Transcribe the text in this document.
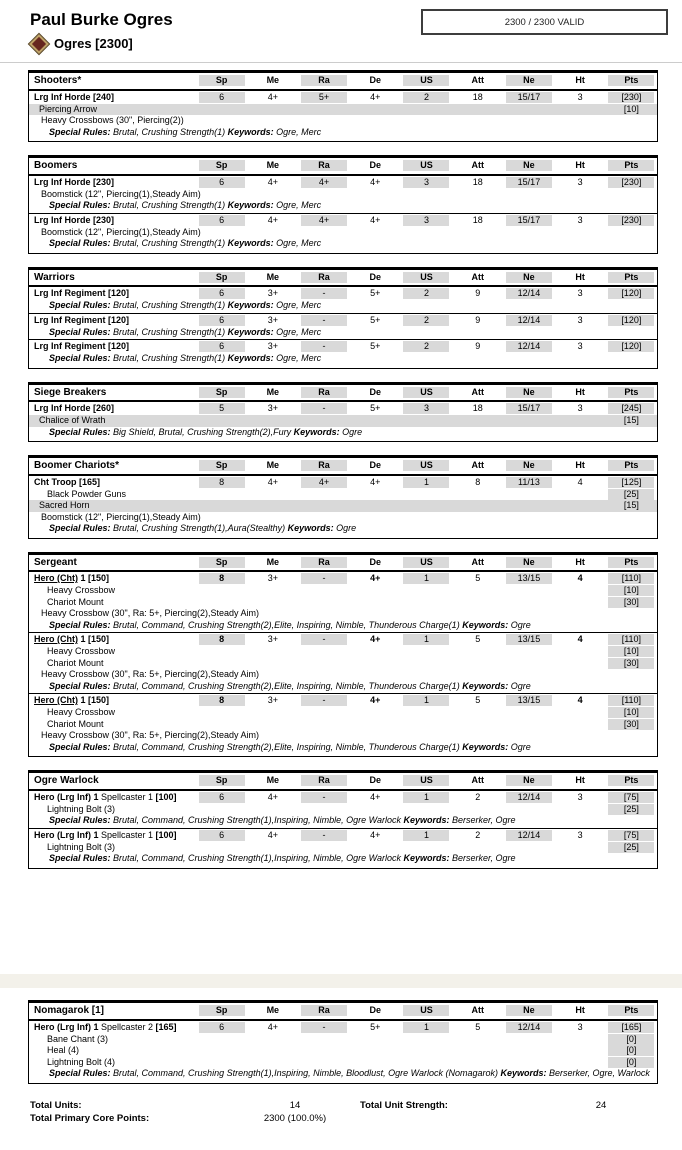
Paul Burke Ogres	2300 / 2300 VALID
Ogres [2300]
Shooters*	Sp	Me	Ra	De	US	Att	Ne	Ht	Pts
Lrg Inf Horde [240]	6	4+	5+	4+	2	18	15/17	3	[230]
Piercing Arrow	[10]
Heavy Crossbows (30", Piercing(2))
Special Rules: Brutal, Crushing Strength(1) Keywords: Ogre, Merc
Boomers	Sp	Me	Ra	De	US	Att	Ne	Ht	Pts
Lrg Inf Horde [230]	6	4+	4+	4+	3	18	15/17	3	[230]
Boomstick (12", Piercing(1),Steady Aim)
Special Rules: Brutal, Crushing Strength(1) Keywords: Ogre, Merc
Lrg Inf Horde [230]	6	4+	4+	4+	3	18	15/17	3	[230]
Boomstick (12", Piercing(1),Steady Aim)
Special Rules: Brutal, Crushing Strength(1) Keywords: Ogre, Merc
Warriors	Sp	Me	Ra	De	US	Att	Ne	Ht	Pts
Lrg Inf Regiment [120]	6	3+	-	5+	2	9	12/14	3	[120]
Special Rules: Brutal, Crushing Strength(1) Keywords: Ogre, Merc
Lrg Inf Regiment [120]	6	3+	-	5+	2	9	12/14	3	[120]
Special Rules: Brutal, Crushing Strength(1) Keywords: Ogre, Merc
Lrg Inf Regiment [120]	6	3+	-	5+	2	9	12/14	3	[120]
Special Rules: Brutal, Crushing Strength(1) Keywords: Ogre, Merc
Siege Breakers	Sp	Me	Ra	De	US	Att	Ne	Ht	Pts
Lrg Inf Horde [260]	5	3+	-	5+	3	18	15/17	3	[245]
Chalice of Wrath	[15]
Special Rules: Big Shield, Brutal, Crushing Strength(2),Fury Keywords: Ogre
Boomer Chariots*	Sp	Me	Ra	De	US	Att	Ne	Ht	Pts
Cht Troop [165]	8	4+	4+	4+	1	8	11/13	4	[125]
Black Powder Guns	[25]
Sacred Horn	[15]
Boomstick (12", Piercing(1),Steady Aim)
Special Rules: Brutal, Crushing Strength(1),Aura(Stealthy) Keywords: Ogre
Sergeant	Sp	Me	Ra	De	US	Att	Ne	Ht	Pts
Hero (Cht) 1 [150]	8	3+	-	4+	1	5	13/15	4	[110]
Heavy Crossbow	[10]
Chariot Mount	[30]
Heavy Crossbow (30", Ra: 5+, Piercing(2),Steady Aim)
Special Rules: Brutal, Command, Crushing Strength(2),Elite, Inspiring, Nimble, Thunderous Charge(1) Keywords: Ogre
Hero (Cht) 1 [150]	8	3+	-	4+	1	5	13/15	4	[110]
Heavy Crossbow	[10]
Chariot Mount	[30]
Heavy Crossbow (30", Ra: 5+, Piercing(2),Steady Aim)
Special Rules: Brutal, Command, Crushing Strength(2),Elite, Inspiring, Nimble, Thunderous Charge(1) Keywords: Ogre
Hero (Cht) 1 [150]	8	3+	-	4+	1	5	13/15	4	[110]
Heavy Crossbow	[10]
Chariot Mount	[30]
Heavy Crossbow (30", Ra: 5+, Piercing(2),Steady Aim)
Special Rules: Brutal, Command, Crushing Strength(2),Elite, Inspiring, Nimble, Thunderous Charge(1) Keywords: Ogre
Ogre Warlock	Sp	Me	Ra	De	US	Att	Ne	Ht	Pts
Hero (Lrg Inf) 1 Spellcaster 1 [100]	6	4+	-	4+	1	2	12/14	3	[75]
Lightning Bolt (3)	[25]
Special Rules: Brutal, Command, Crushing Strength(1),Inspiring, Nimble, Ogre Warlock Keywords: Berserker, Ogre
Hero (Lrg Inf) 1 Spellcaster 1 [100]	6	4+	-	4+	1	2	12/14	3	[75]
Lightning Bolt (3)	[25]
Special Rules: Brutal, Command, Crushing Strength(1),Inspiring, Nimble, Ogre Warlock Keywords: Berserker, Ogre
Nomagarok [1]	Sp	Me	Ra	De	US	Att	Ne	Ht	Pts
Hero (Lrg Inf) 1 Spellcaster 2 [165]	6	4+	-	5+	1	5	12/14	3	[165]
Bane Chant (3)	[0]
Heal (4)	[0]
Lightning Bolt (4)	[0]
Special Rules: Brutal, Command, Crushing Strength(1),Inspiring, Nimble, Bloodlust, Ogre Warlock (Nomagarok) Keywords: Berserker, Ogre, Warlock
Total Units:	14	Total Unit Strength:	24
Total Primary Core Points:	2300 (100.0%)
